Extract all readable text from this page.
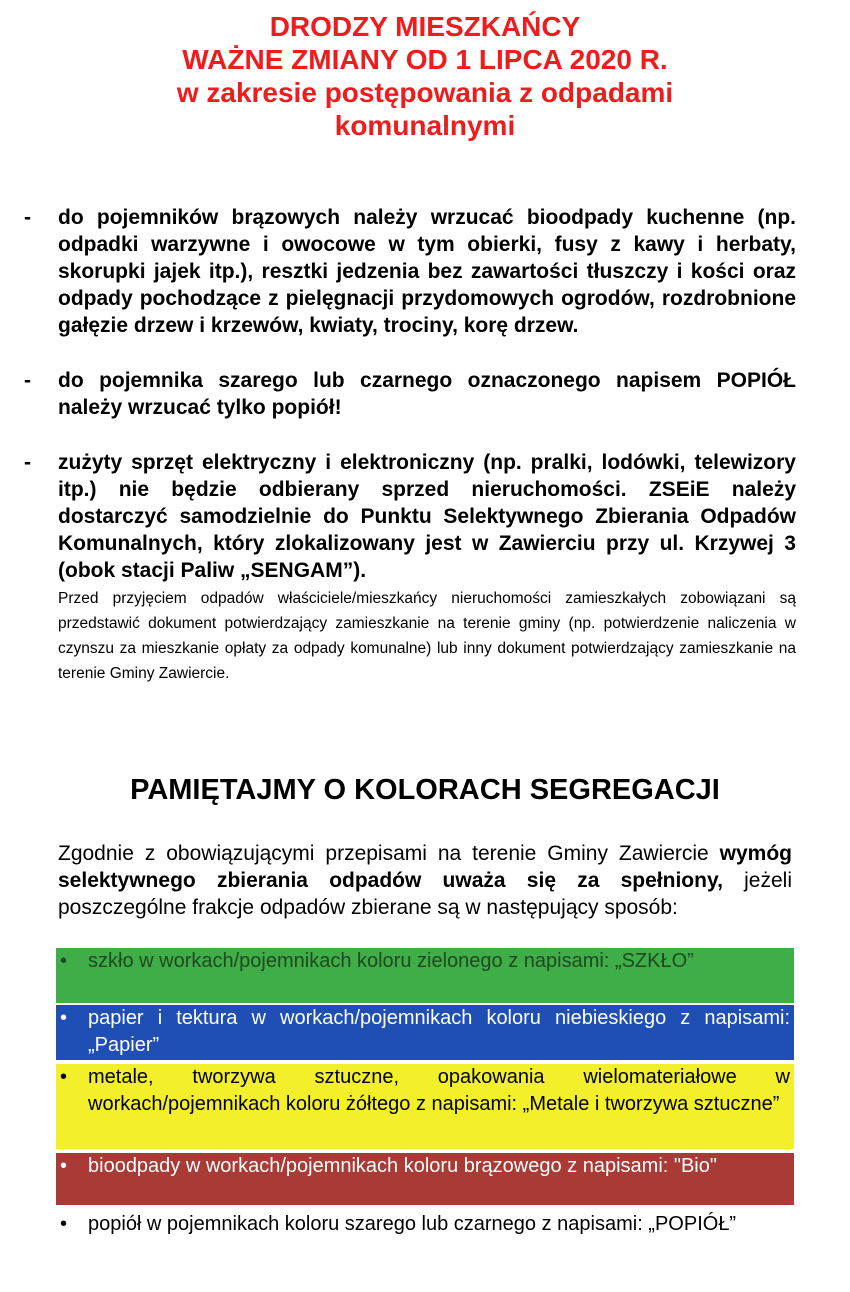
DRODZY MIESZKAŃCY
WAŻNE ZMIANY OD 1 LIPCA 2020 R.
w zakresie postępowania z odpadami
komunalnymi
- do pojemników brązowych należy wrzucać bioodpady kuchenne (np. odpadki warzywne i owocowe w tym obierki, fusy z kawy i herbaty, skorupki jajek itp.), resztki jedzenia bez zawartości tłuszczy i kości oraz odpady pochodzące z pielęgnacji przydomowych ogrodów, rozdrobnione gałęzie drzew i krzewów, kwiaty, trociny, korę drzew.
- do pojemnika szarego lub czarnego oznaczonego napisem POPIÓŁ należy wrzucać tylko popiół!
- zużyty sprzęt elektryczny i elektroniczny (np. pralki, lodówki, telewizory itp.) nie będzie odbierany sprzed nieruchomości. ZSEiE należy dostarczyć samodzielnie do Punktu Selektywnego Zbierania Odpadów Komunalnych, który zlokalizowany jest w Zawierciu przy ul. Krzywej 3 (obok stacji Paliw „SENGAM”).
Przed przyjęciem odpadów właściciele/mieszkańcy nieruchomości zamieszkałych zobowiązani są przedstawić dokument potwierdzający zamieszkanie na terenie gminy (np. potwierdzenie naliczenia w czynszu za mieszkanie opłaty za odpady komunalne) lub inny dokument potwierdzający zamieszkanie na terenie Gminy Zawiercie.
PAMIĘTAJMY O KOLORACH SEGREGACJI
Zgodnie z obowiązującymi przepisami na terenie Gminy Zawiercie wymóg selektywnego zbierania odpadów uważa się za spełniony, jeżeli poszczególne frakcje odpadów zbierane są w następujący sposób:
• szkło w workach/pojemnikach koloru zielonego z napisami: „SZKŁO”
• papier i tektura w workach/pojemnikach koloru niebieskiego z napisami: „Papier”
• metale, tworzywa sztuczne, opakowania wielomateriałowe w workach/pojemnikach koloru żółtego z napisami: „Metale i tworzywa sztuczne”
• bioodpady w workach/pojemnikach koloru brązowego z napisami: "Bio"
• popiół w pojemnikach koloru szarego lub czarnego z napisami: „POPIÓŁ”
